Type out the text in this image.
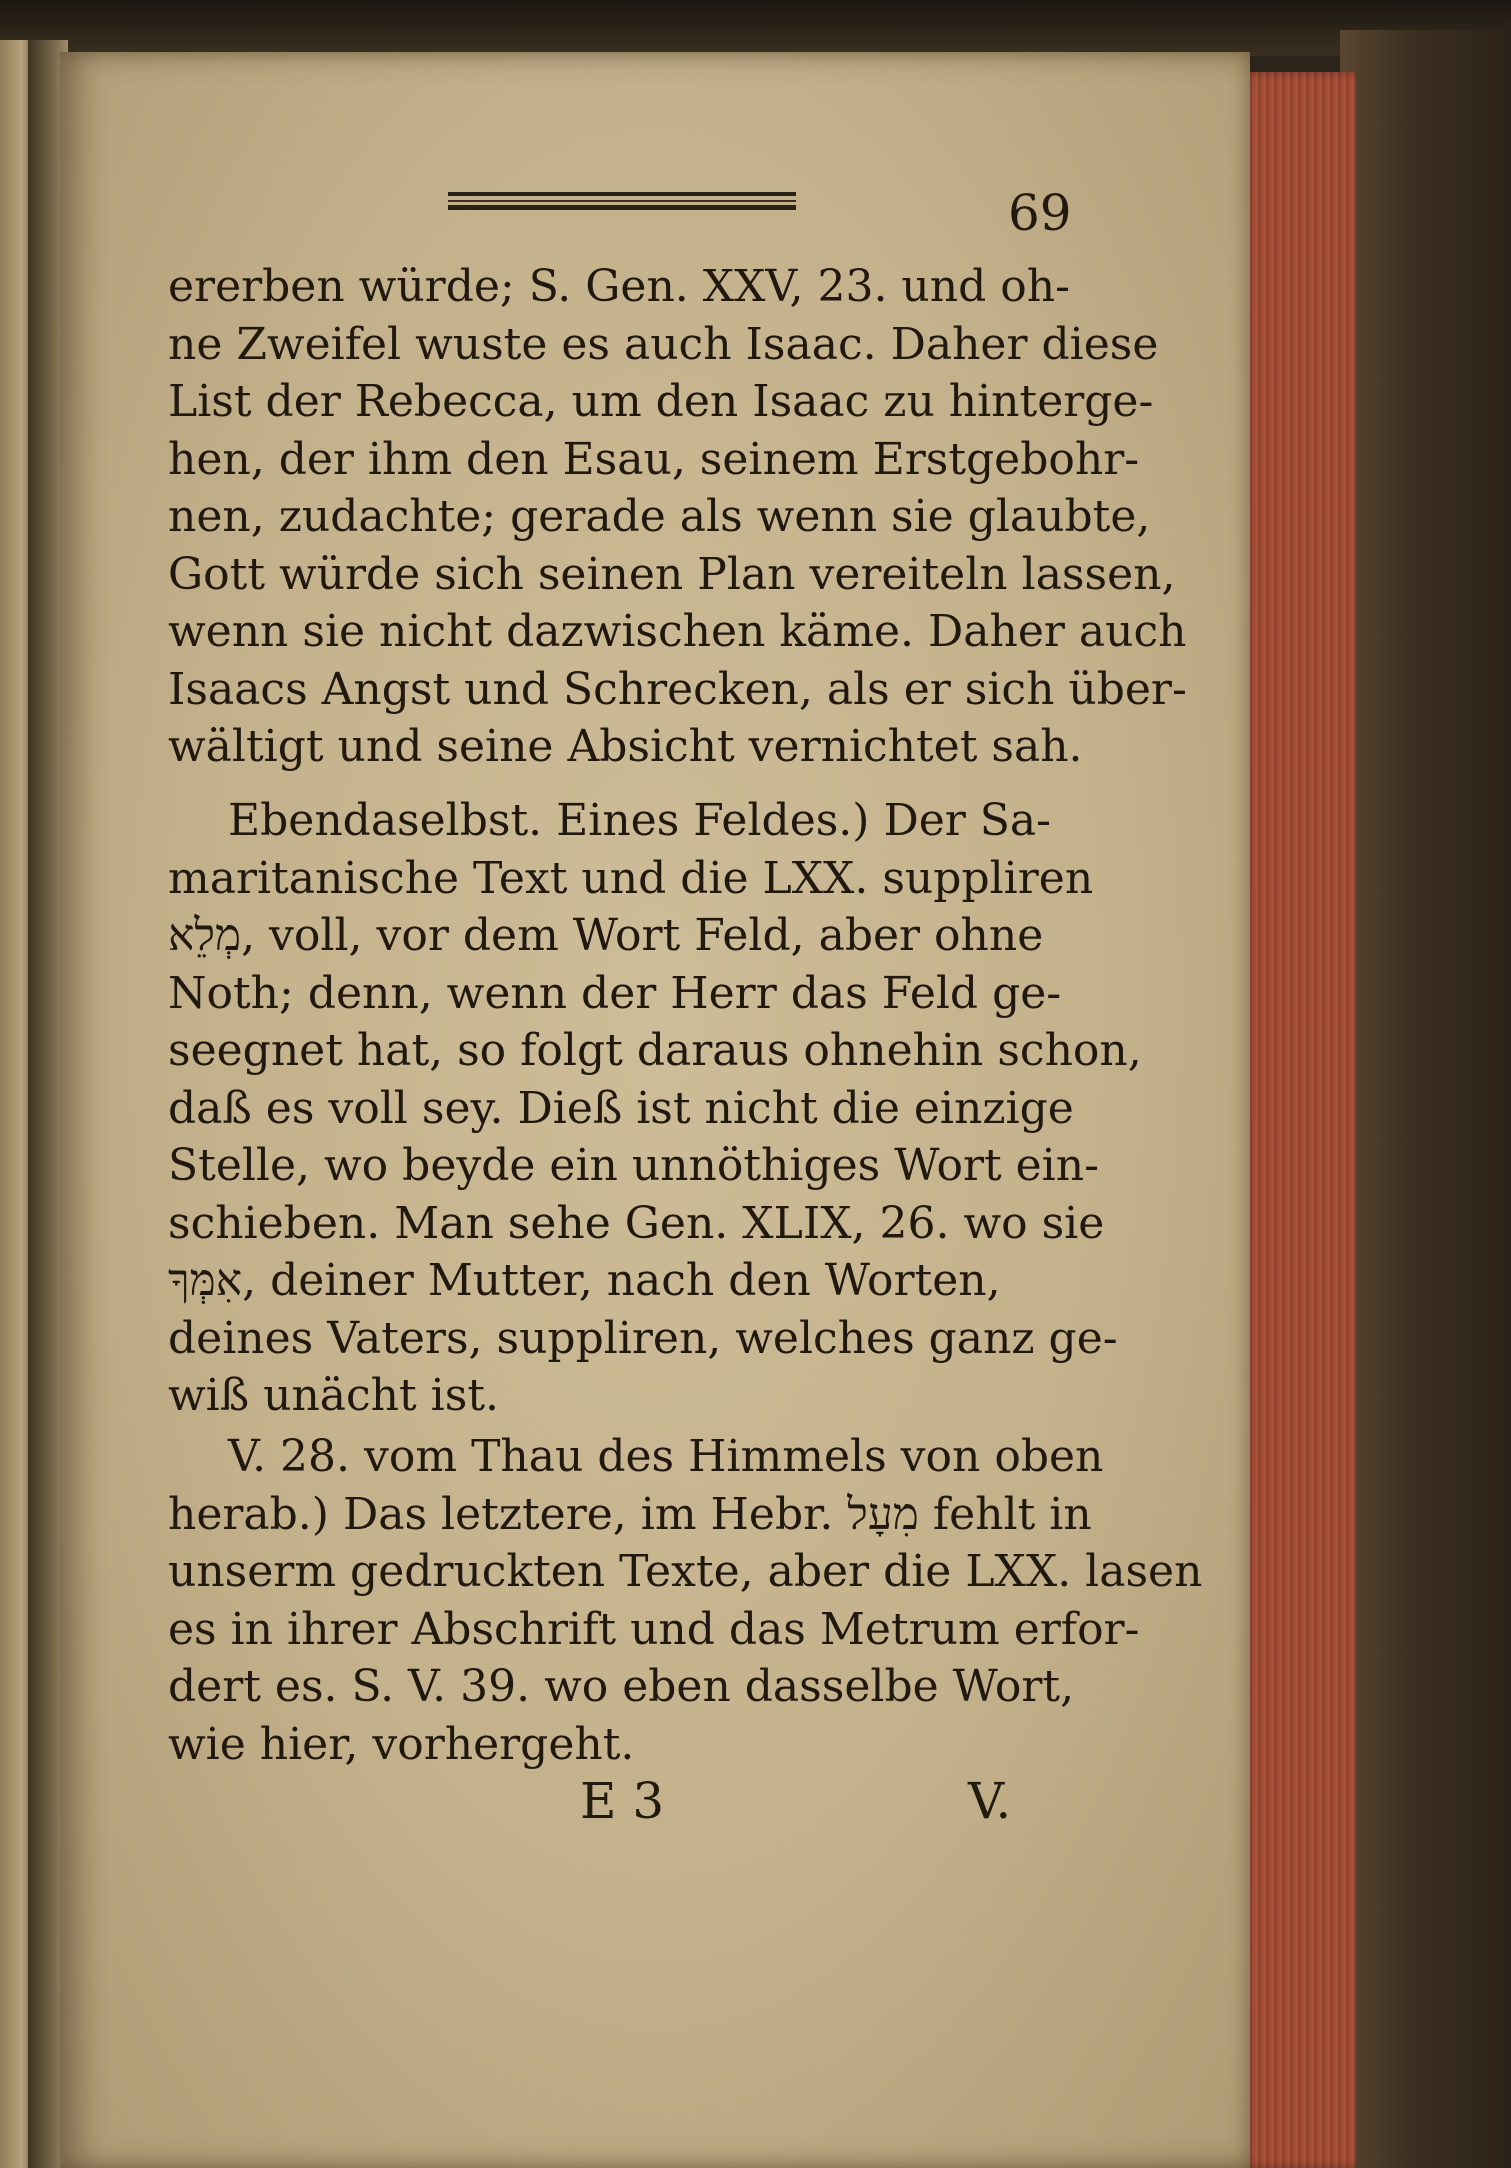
69
ererben würde; S. Gen. XXV, 23. und oh-
ne Zweifel wuste es auch Isaac. Daher diese
List der Rebecca, um den Isaac zu hinterge-
hen, der ihm den Esau, seinem Erstgebohr-
nen, zudachte; gerade als wenn sie glaubte,
Gott würde sich seinen Plan vereiteln lassen,
wenn sie nicht dazwischen käme. Daher auch
Isaacs Angst und Schrecken, als er sich über-
wältigt und seine Absicht vernichtet sah.
Ebendaselbst. Eines Feldes.) Der Sa-
maritanische Text und die LXX. suppliren
מְלֵא, voll, vor dem Wort Feld, aber ohne
Noth; denn, wenn der Herr das Feld ge-
seegnet hat, so folgt daraus ohnehin schon,
daß es voll sey. Dieß ist nicht die einzige
Stelle, wo beyde ein unnöthiges Wort ein-
schieben. Man sehe Gen. XLIX, 26. wo sie
אִמְּךָ, deiner Mutter, nach den Worten,
deines Vaters, suppliren, welches ganz ge-
wiß unächt ist.
V. 28. vom Thau des Himmels von oben
herab.) Das letztere, im Hebr. מִעָל fehlt in
unserm gedruckten Texte, aber die LXX. lasen
es in ihrer Abschrift und das Metrum erfor-
dert es. S. V. 39. wo eben dasselbe Wort,
wie hier, vorhergeht.
E 3	V.
